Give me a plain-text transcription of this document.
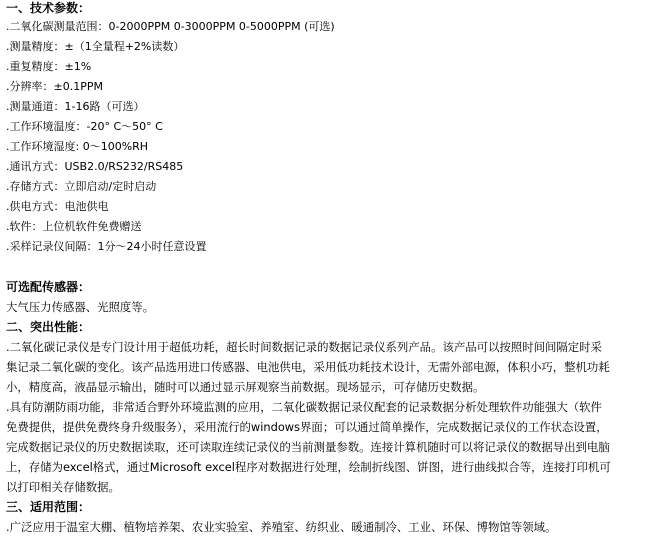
一、技术参数：
.二氧化碳测量范围：0-2000PPM 0-3000PPM 0-5000PPM (可选)
.测量精度：±（1全量程+2%读数）
.重复精度：±1%
.分辨率：±0.1PPM
.测量通道：1-16路（可选）
.工作环境温度：-20° C～50° C
.工作环境湿度: 0～100%RH
.通讯方式：USB2.0/RS232/RS485
.存储方式：立即启动/定时启动
.供电方式：电池供电
.软件：上位机软件免费赠送
.采样记录仪间隔：1分～24小时任意设置
可选配传感器：
大气压力传感器、光照度等。
二、突出性能：
.二氧化碳记录仪是专门设计用于超低功耗，超长时间数据记录的数据记录仪系列产品。该产品可以按照时间间隔定时采
集记录二氧化碳的变化。该产品选用进口传感器、电池供电，采用低功耗技术设计，无需外部电源，体积小巧，整机功耗
小，精度高，液晶显示输出，随时可以通过显示屏观察当前数据。现场显示，可存储历史数据。
.具有防潮防雨功能，非常适合野外环境监测的应用，二氧化碳数据记录仪配套的记录数据分析处理软件功能强大（软件
免费提供，提供免费终身升级服务），采用流行的windows界面；可以通过简单操作，完成数据记录仪的工作状态设置，
完成数据记录仪的历史数据读取，还可读取连续记录仪的当前测量参数。连接计算机随时可以将记录仪的数据导出到电脑
上，存储为excel格式，通过Microsoft excel程序对数据进行处理，绘制折线图、饼图，进行曲线拟合等，连接打印机可
以打印相关存储数据。
三、适用范围：
.广泛应用于温室大棚、植物培养架、农业实验室、养殖室、纺织业、暖通制冷、工业、环保、博物馆等领域。
